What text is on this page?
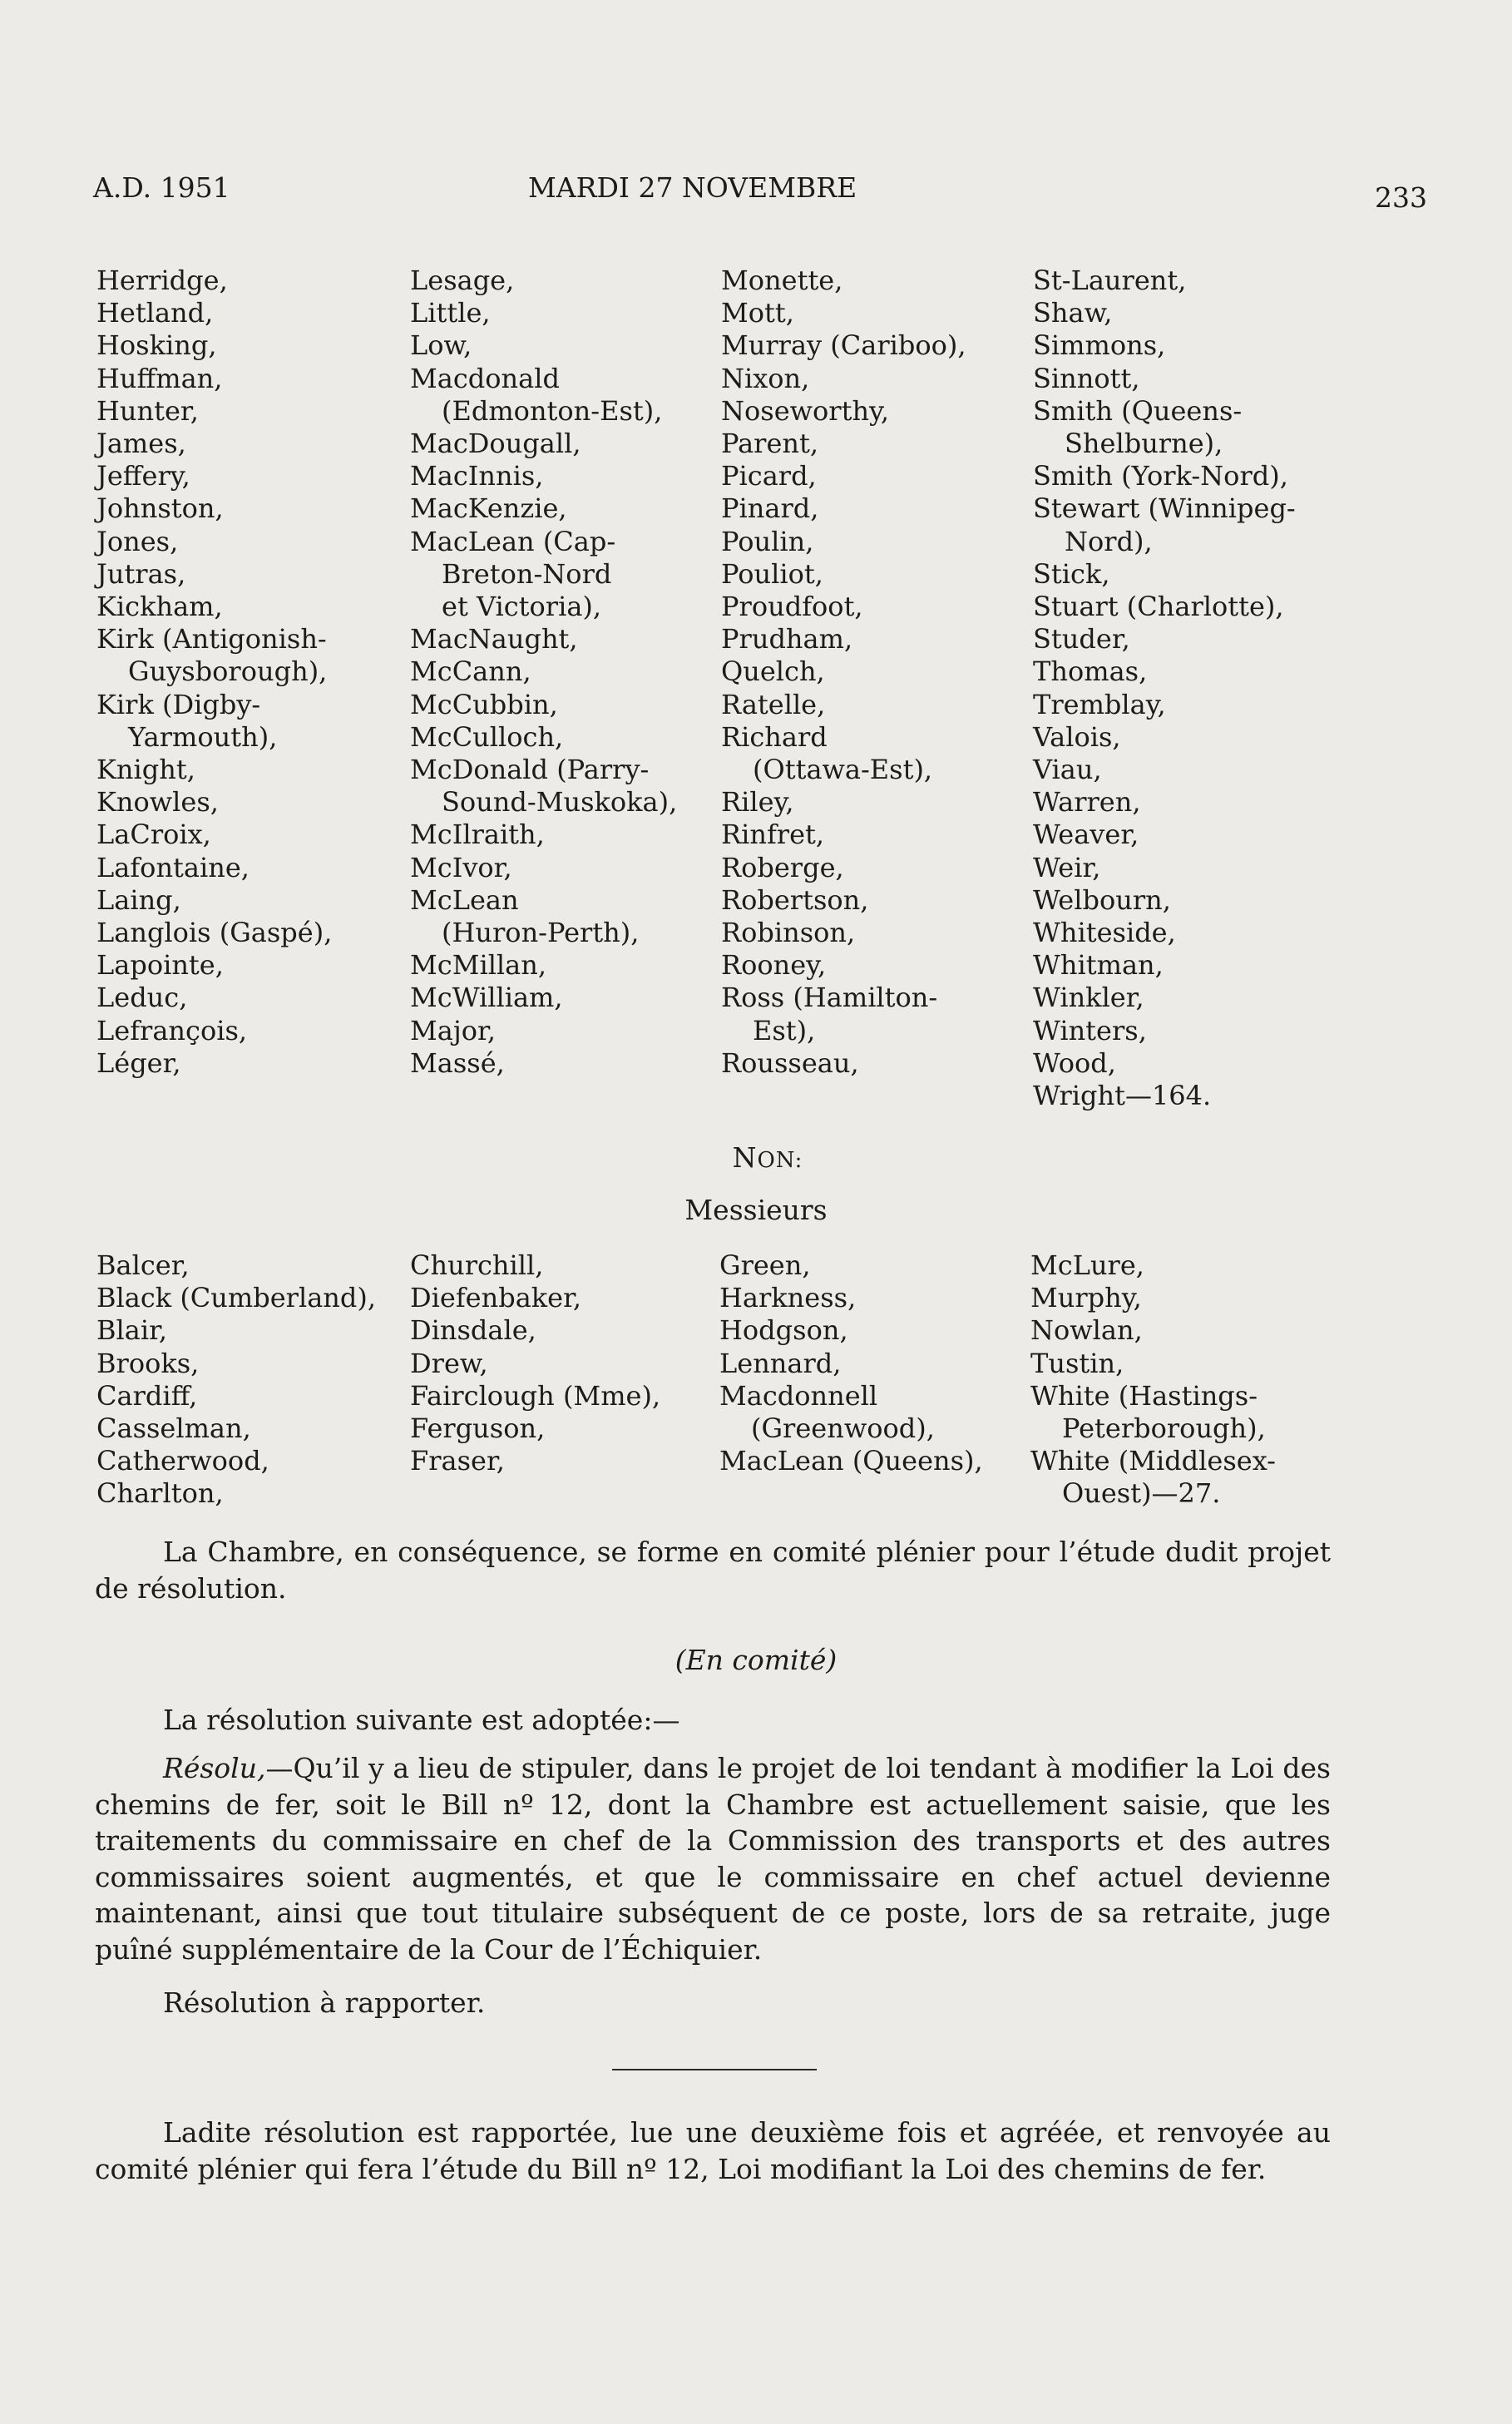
A.D. 1951	MARDI 27 NOVEMBRE	233
Herridge,
Hetland,
Hosking,
Huffman,
Hunter,
James,
Jeffery,
Johnston,
Jones,
Jutras,
Kickham,
Kirk (Antigonish-
Guysborough),
Kirk (Digby-
Yarmouth),
Knight,
Knowles,
LaCroix,
Lafontaine,
Laing,
Langlois (Gaspé),
Lapointe,
Leduc,
Lefrançois,
Léger,
Lesage,
Little,
Low,
Macdonald
(Edmonton-Est),
MacDougall,
MacInnis,
MacKenzie,
MacLean (Cap-
Breton-Nord
et Victoria),
MacNaught,
McCann,
McCubbin,
McCulloch,
McDonald (Parry-
Sound-Muskoka),
McIlraith,
McIvor,
McLean
(Huron-Perth),
McMillan,
McWilliam,
Major,
Massé,
Monette,
Mott,
Murray (Cariboo),
Nixon,
Noseworthy,
Parent,
Picard,
Pinard,
Poulin,
Pouliot,
Proudfoot,
Prudham,
Quelch,
Ratelle,
Richard
(Ottawa-Est),
Riley,
Rinfret,
Roberge,
Robertson,
Robinson,
Rooney,
Ross (Hamilton-
Est),
Rousseau,
St-Laurent,
Shaw,
Simmons,
Sinnott,
Smith (Queens-
Shelburne),
Smith (York-Nord),
Stewart (Winnipeg-
Nord),
Stick,
Stuart (Charlotte),
Studer,
Thomas,
Tremblay,
Valois,
Viau,
Warren,
Weaver,
Weir,
Welbourn,
Whiteside,
Whitman,
Winkler,
Winters,
Wood,
Wright—164.
NON:
Messieurs
Balcer,
Black (Cumberland),
Blair,
Brooks,
Cardiff,
Casselman,
Catherwood,
Charlton,
Churchill,
Diefenbaker,
Dinsdale,
Drew,
Fairclough (Mme),
Ferguson,
Fraser,
Green,
Harkness,
Hodgson,
Lennard,
Macdonnell
(Greenwood),
MacLean (Queens),
McLure,
Murphy,
Nowlan,
Tustin,
White (Hastings-
Peterborough),
White (Middlesex-
Ouest)—27.
La Chambre, en conséquence, se forme en comité plénier pour l’étude dudit projet de résolution.
(En comité)
La résolution suivante est adoptée:—
Résolu,—Qu’il y a lieu de stipuler, dans le projet de loi tendant à modifier la Loi des chemins de fer, soit le Bill nº 12, dont la Chambre est actuellement saisie, que les traitements du commissaire en chef de la Commission des transports et des autres commissaires soient augmentés, et que le commissaire en chef actuel devienne maintenant, ainsi que tout titulaire subséquent de ce poste, lors de sa retraite, juge puîné supplémentaire de la Cour de l’Échiquier.
Résolution à rapporter.
Ladite résolution est rapportée, lue une deuxième fois et agréée, et renvoyée au comité plénier qui fera l’étude du Bill nº 12, Loi modifiant la Loi des chemins de fer.
